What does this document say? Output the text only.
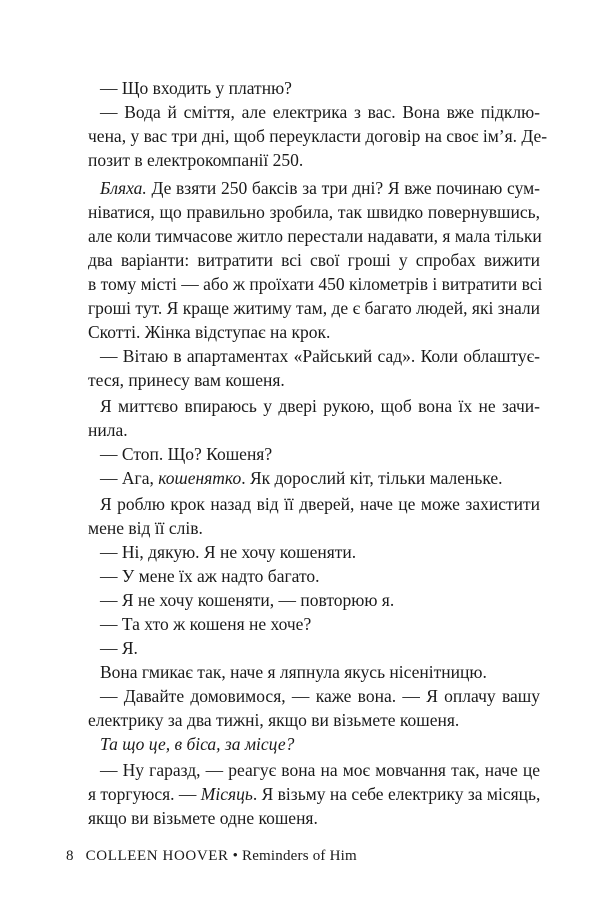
— Що входить у платню?
— Вода й сміття, але електрика з вас. Вона вже підклю-
чена, у вас три дні, щоб переукласти договір на своє ім’я. Де-
позит в електрокомпанії 250.
Бляха. Де взяти 250 баксів за три дні? Я вже починаю сум-
ніватися, що правильно зробила, так швидко повернувшись,
але коли тимчасове житло перестали надавати, я мала тільки
два варіанти: витратити всі свої гроші у спробах вижити
в тому місті — або ж проїхати 450 кілометрів і витратити всі
гроші тут. Я краще житиму там, де є багато людей, які знали
Скотті. Жінка відступає на крок.
— Вітаю в апартаментах «Райський сад». Коли облаштує-
теся, принесу вам кошеня.
Я миттєво впираюсь у двері рукою, щоб вона їх не зачи-
нила.
— Стоп. Що? Кошеня?
— Ага, кошенятко. Як дорослий кіт, тільки маленьке.
Я роблю крок назад від її дверей, наче це може захистити
мене від її слів.
— Ні, дякую. Я не хочу кошеняти.
— У мене їх аж надто багато.
— Я не хочу кошеняти, — повторюю я.
— Та хто ж кошеня не хоче?
— Я.
Вона гмикає так, наче я ляпнула якусь нісенітницю.
— Давайте домовимося, — каже вона. — Я оплачу вашу
електрику за два тижні, якщо ви візьмете кошеня.
Та що це, в біса, за місце?
— Ну гаразд, — реагує вона на моє мовчання так, наче це
я торгуюся. — Місяць. Я візьму на себе електрику за місяць,
якщо ви візьмете одне кошеня.
8 COLLEEN HOOVER • Reminders of Him
